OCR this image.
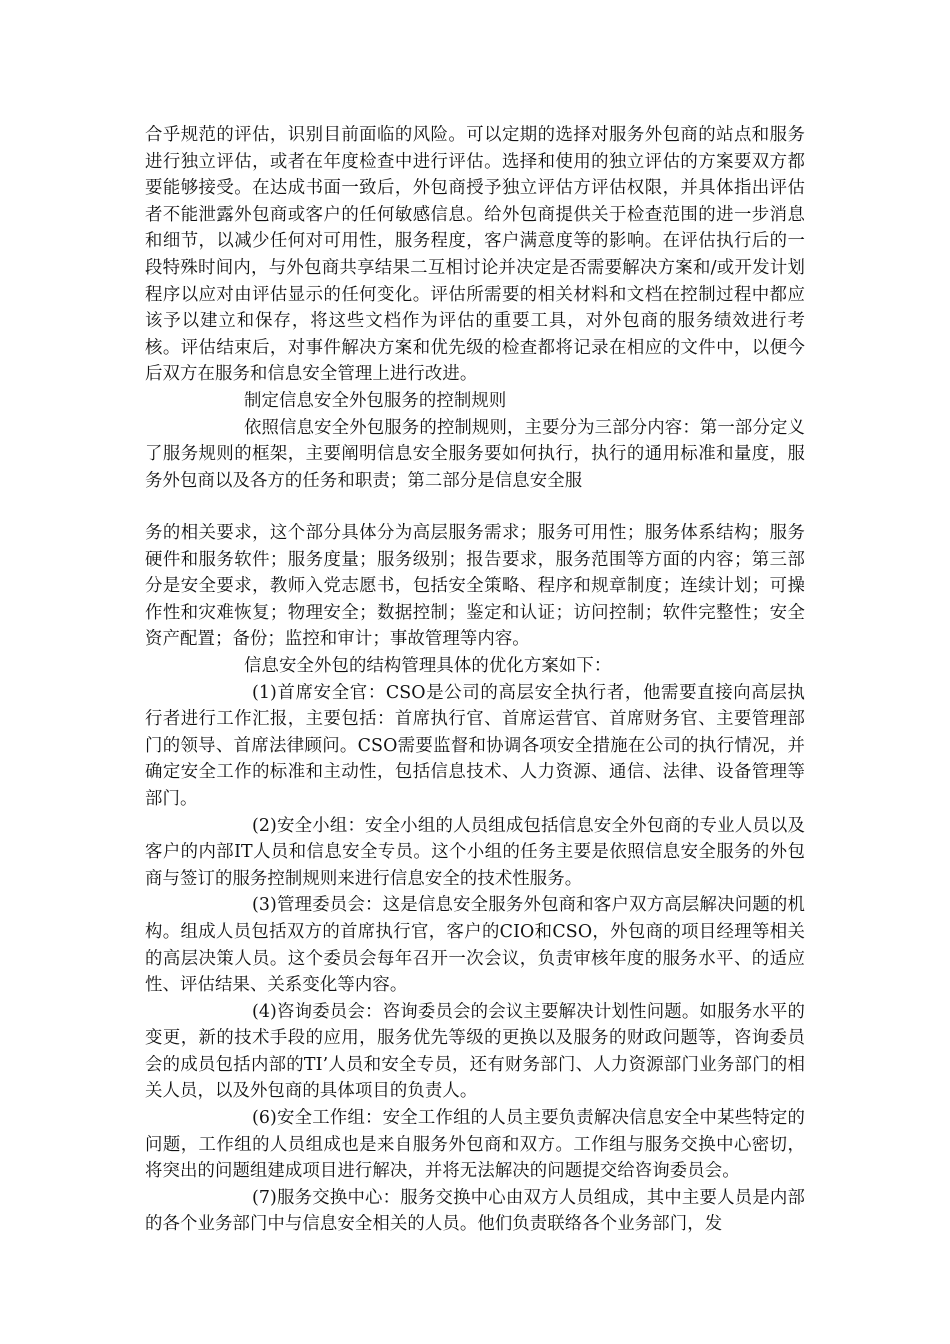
合乎规范的评估，识别目前面临的风险。可以定期的选择对服务外包商的站点和服务进行独立评估，或者在年度检查中进行评估。选择和使用的独立评估的方案要双方都要能够接受。在达成书面一致后，外包商授予独立评估方评估权限，并具体指出评估者不能泄露外包商或客户的任何敏感信息。给外包商提供关于检查范围的进一步消息和细节，以减少任何对可用性，服务程度，客户满意度等的影响。在评估执行后的一段特殊时间内，与外包商共享结果二互相讨论并决定是否需要解决方案和/或开发计划程序以应对由评估显示的任何变化。评估所需要的相关材料和文档在控制过程中都应该予以建立和保存，将这些文档作为评估的重要工具，对外包商的服务绩效进行考核。评估结束后，对事件解决方案和优先级的检查都将记录在相应的文件中，以便今后双方在服务和信息安全管理上进行改进。

制定信息安全外包服务的控制规则

依照信息安全外包服务的控制规则，主要分为三部分内容：第一部分定义了服务规则的框架，主要阐明信息安全服务要如何执行，执行的通用标准和量度，服务外包商以及各方的任务和职责；第二部分是信息安全服

务的相关要求，这个部分具体分为高层服务需求；服务可用性；服务体系结构；服务硬件和服务软件；服务度量；服务级别；报告要求，服务范围等方面的内容；第三部分是安全要求，教师入党志愿书，包括安全策略、程序和规章制度；连续计划；可操作性和灾难恢复；物理安全；数据控制；鉴定和认证；访问控制；软件完整性；安全资产配置；备份；监控和审计；事故管理等内容。

信息安全外包的结构管理具体的优化方案如下：

(1)首席安全官：CSO是公司的高层安全执行者，他需要直接向高层执行者进行工作汇报，主要包括：首席执行官、首席运营官、首席财务官、主要管理部门的领导、首席法律顾问。CSO需要监督和协调各项安全措施在公司的执行情况，并确定安全工作的标准和主动性，包括信息技术、人力资源、通信、法律、设备管理等部门。

(2)安全小组：安全小组的人员组成包括信息安全外包商的专业人员以及客户的内部IT人员和信息安全专员。这个小组的任务主要是依照信息安全服务的外包商与签订的服务控制规则来进行信息安全的技术性服务。

(3)管理委员会：这是信息安全服务外包商和客户双方高层解决问题的机构。组成人员包括双方的首席执行官，客户的CIO和CSO，外包商的项目经理等相关的高层决策人员。这个委员会每年召开一次会议，负责审核年度的服务水平、的适应性、评估结果、关系变化等内容。

(4)咨询委员会：咨询委员会的会议主要解决计划性问题。如服务水平的变更，新的技术手段的应用，服务优先等级的更换以及服务的财政问题等，咨询委员会的成员包括内部的TI’人员和安全专员，还有财务部门、人力资源部门业务部门的相关人员，以及外包商的具体项目的负责人。

(6)安全工作组：安全工作组的人员主要负责解决信息安全中某些特定的问题，工作组的人员组成也是来自服务外包商和双方。工作组与服务交换中心密切，将突出的问题组建成项目进行解决，并将无法解决的问题提交给咨询委员会。

(7)服务交换中心：服务交换中心由双方人员组成，其中主要人员是内部的各个业务部门中与信息安全相关的人员。他们负责联络各个业务部门，发
